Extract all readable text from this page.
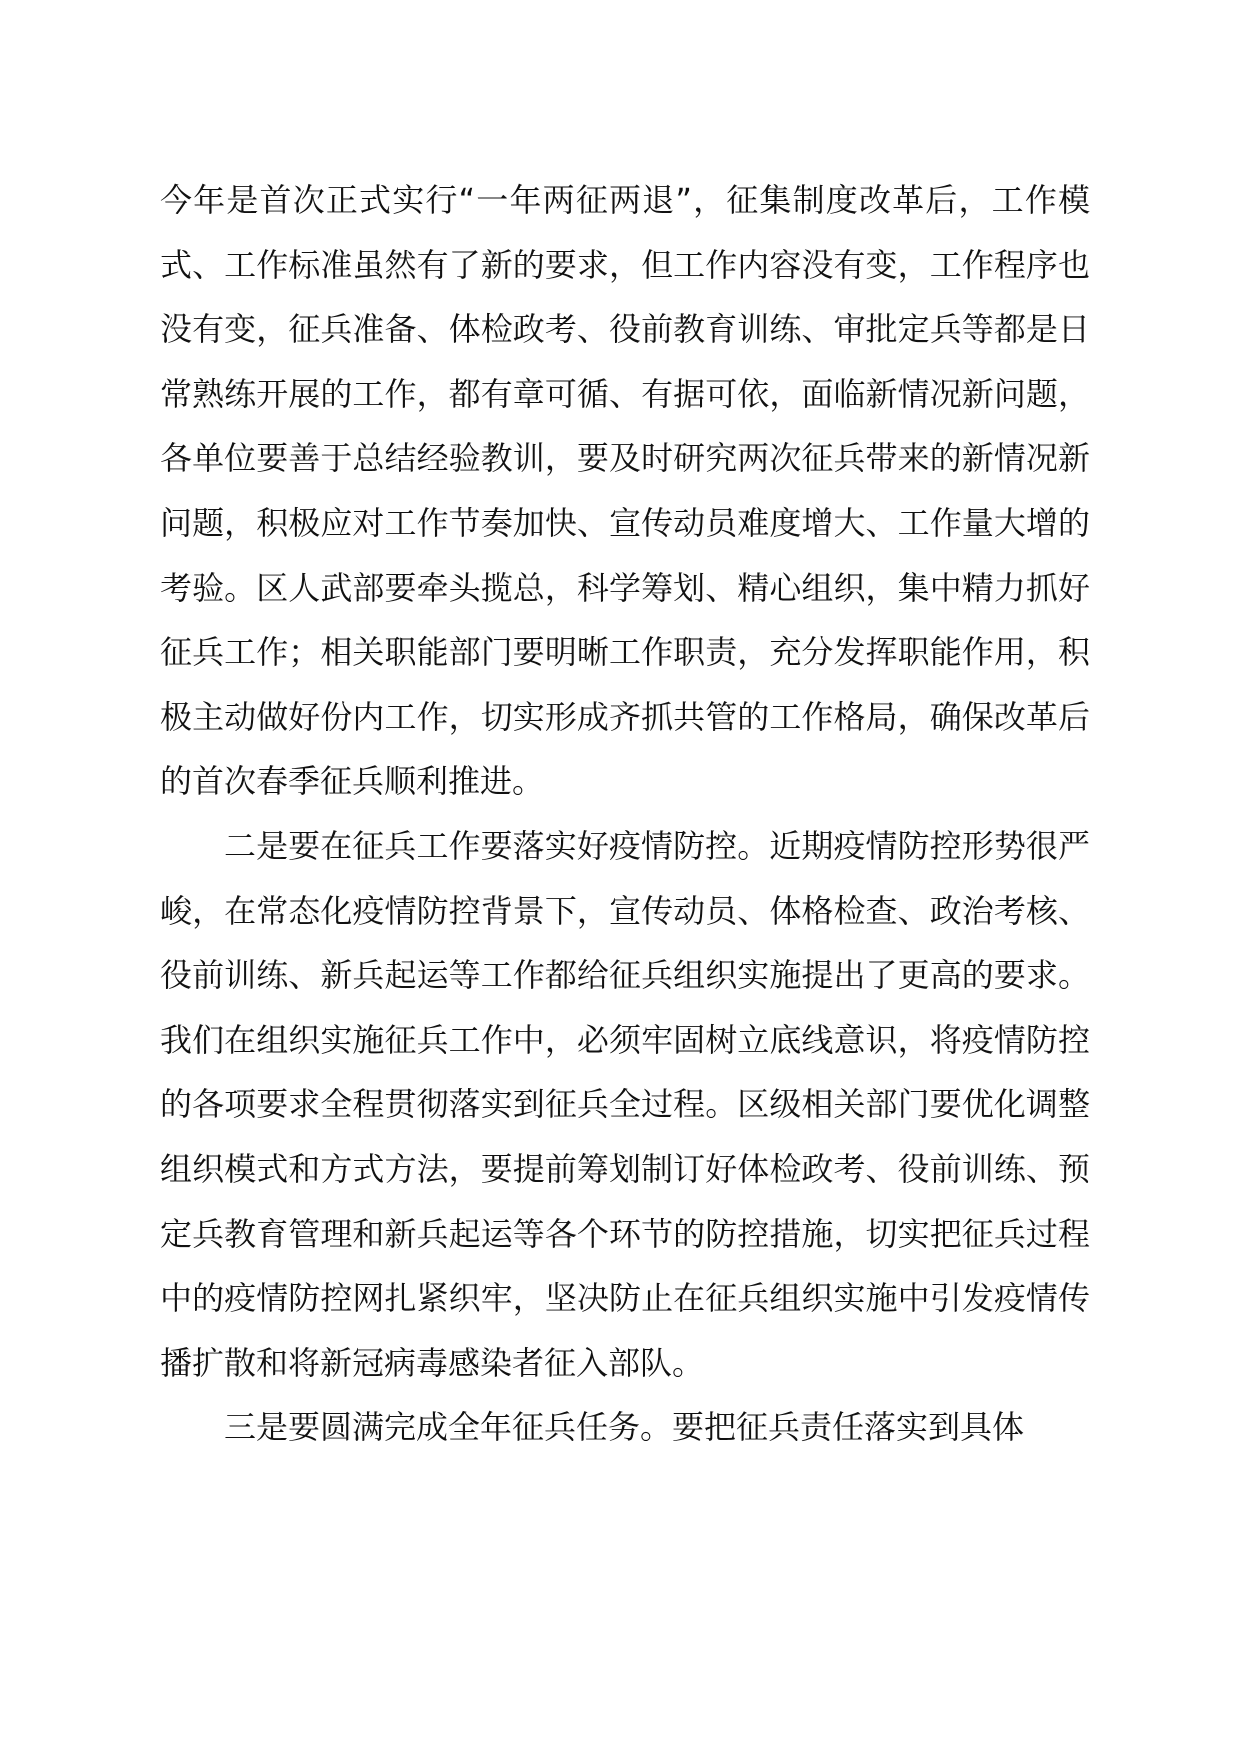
今年是首次正式实行“一年两征两退”，征集制度改革后，工作模式、工作标准虽然有了新的要求，但工作内容没有变，工作程序也没有变，征兵准备、体检政考、役前教育训练、审批定兵等都是日常熟练开展的工作，都有章可循、有据可依，面临新情况新问题，各单位要善于总结经验教训，要及时研究两次征兵带来的新情况新问题，积极应对工作节奏加快、宣传动员难度增大、工作量大增的考验。区人武部要牵头揽总，科学筹划、精心组织，集中精力抓好征兵工作；相关职能部门要明晰工作职责，充分发挥职能作用，积极主动做好份内工作，切实形成齐抓共管的工作格局，确保改革后的首次春季征兵顺利推进。

二是要在征兵工作要落实好疫情防控。近期疫情防控形势很严峻，在常态化疫情防控背景下，宣传动员、体格检查、政治考核、役前训练、新兵起运等工作都给征兵组织实施提出了更高的要求。我们在组织实施征兵工作中，必须牢固树立底线意识，将疫情防控的各项要求全程贯彻落实到征兵全过程。区级相关部门要优化调整组织模式和方式方法，要提前筹划制订好体检政考、役前训练、预定兵教育管理和新兵起运等各个环节的防控措施，切实把征兵过程中的疫情防控网扎紧织牢，坚决防止在征兵组织实施中引发疫情传播扩散和将新冠病毒感染者征入部队。

三是要圆满完成全年征兵任务。要把征兵责任落实到具体
